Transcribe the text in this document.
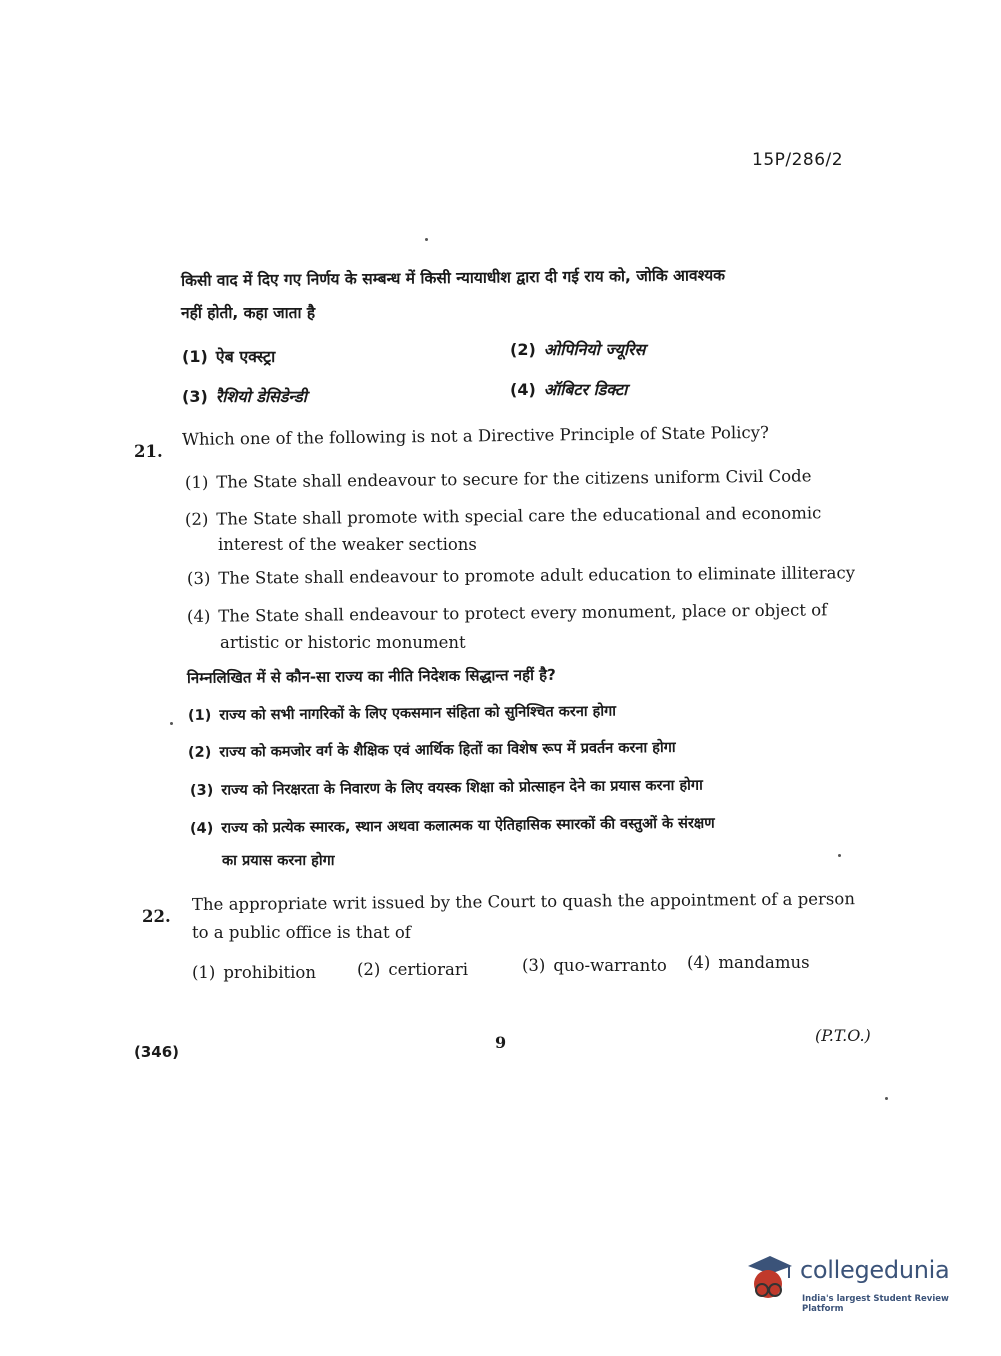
15P/286/2
किसी वाद में दिए गए निर्णय के सम्बन्ध में किसी न्यायाधीश द्वारा दी गई राय को, जोकि आवश्यक
नहीं होती, कहा जाता है
(1) ऐब एक्स्ट्रा	(2) ओपिनियो ज्यूरिस
(3) रैशियो डेसिडेन्डी	(4) ऑबिटर डिक्टा
21.
Which one of the following is not a Directive Principle of State Policy?
(1) The State shall endeavour to secure for the citizens uniform Civil Code
(2) The State shall promote with special care the educational and economic
interest of the weaker sections
(3) The State shall endeavour to promote adult education to eliminate illiteracy
(4) The State shall endeavour to protect every monument, place or object of
artistic or historic monument
निम्नलिखित में से कौन-सा राज्य का नीति निदेशक सिद्धान्त नहीं है?
(1) राज्य को सभी नागरिकों के लिए एकसमान संहिता को सुनिश्चित करना होगा
(2) राज्य को कमजोर वर्ग के शैक्षिक एवं आर्थिक हितों का विशेष रूप में प्रवर्तन करना होगा
(3) राज्य को निरक्षरता के निवारण के लिए वयस्क शिक्षा को प्रोत्साहन देने का प्रयास करना होगा
(4) राज्य को प्रत्येक स्मारक, स्थान अथवा कलात्मक या ऐतिहासिक स्मारकों की वस्तुओं के संरक्षण
का प्रयास करना होगा
22.
The appropriate writ issued by the Court to quash the appointment of a person
to a public office is that of
(1) prohibition (2) certiorari	(3) quo-warranto (4) mandamus
(346)	9	(P.T.O.)
collegedunia
India's largest Student Review Platform
